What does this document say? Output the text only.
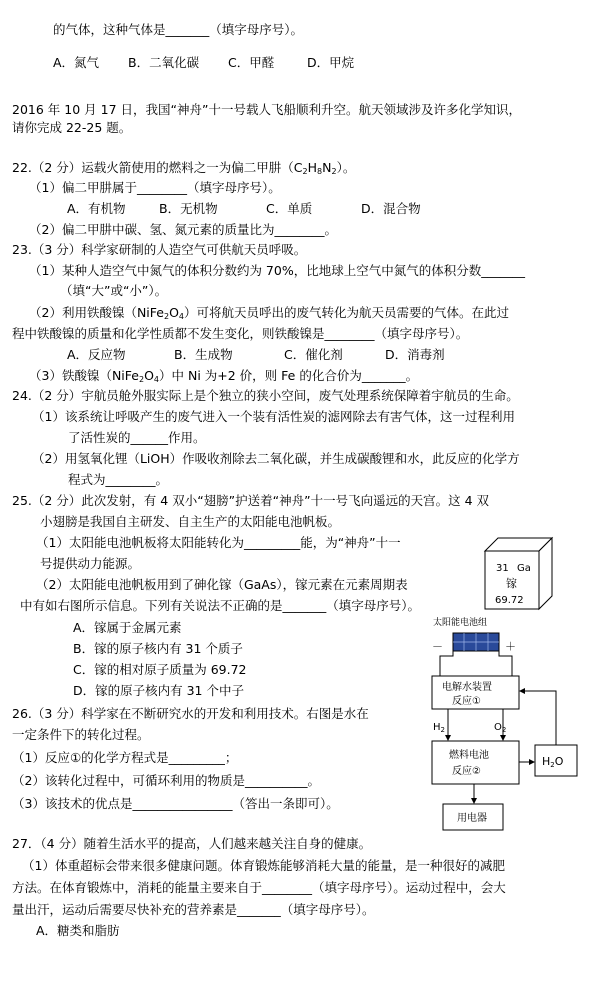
的气体，这种气体是_______（填字母序号）。
A．氮气 B．二氧化碳 C．甲醛	D．甲烷
2016 年 10 月 17 日，我国“神舟”十一号载人飞船顺利升空。航天领域涉及许多化学知识，
请你完成 22-25 题。
22.（2 分）运载火箭使用的燃料之一为偏二甲肼$(C_2H_8N_2)$。
（1）偏二甲肼属于________（填字母序号）。
A．有机物	B．无机物	C．单质	D．混合物
（2）偏二甲肼中碳、氢、氮元素的质量比为________。
23.（3 分）科学家研制的人造空气可供航天员呼吸。
（1）某种人造空气中氮气的体积分数约为 70%，比地球上空气中氮气的体积分数_______
（填“大”或“小”）。
（2）利用铁酸镍$(NiFe_2O_4)$可将航天员呼出的废气转化为航天员需要的气体。在此过
程中铁酸镍的质量和化学性质都不发生变化，则铁酸镍是________（填字母序号）。
A．反应物	B．生成物	C．催化剂	D．消毒剂
（3）铁酸镍$(NiFe_2O_4)$中 Ni 为+2 价，则 Fe 的化合价为_______。
24.（2 分）宇航员舱外服实际上是个独立的狭小空间，废气处理系统保障着宇航员的生命。
（1）该系统让呼吸产生的废气进入一个装有活性炭的滤网除去有害气体，这一过程利用
了活性炭的______作用。
（2）用氢氧化锂（LiOH）作吸收剂除去二氧化碳，并生成碳酸锂和水，此反应的化学方
程式为________。
25.（2 分）此次发射，有 4 双小“翅膀”护送着“神舟”十一号飞向遥远的天宫。这 4 双
小翅膀是我国自主研发、自主生产的太阳能电池帆板。
（1）太阳能电池帆板将太阳能转化为_________能，为“神舟”十一
号提供动力能源。
（2）太阳能电池帆板用到了砷化镓（GaAs），镓元素在元素周期表
中有如右图所示信息。下列有关说法不正确的是_______（填字母序号）。
A．镓属于金属元素
B．镓的原子核内有 31 个质子
C．镓的相对原子质量为 69.72
D．镓的原子核内有 31 个中子
26.（3 分）科学家在不断研究水的开发和利用技术。右图是水在
一定条件下的转化过程。
（1）反应①的化学方程式是_________；
（2）该转化过程中，可循环利用的物质是__________。
（3）该技术的优点是________________（答出一条即可）。
27．（4 分）随着生活水平的提高，人们越来越关注自身的健康。
（1）体重超标会带来很多健康问题。体育锻炼能够消耗大量的能量，是一种很好的减肥
方法。在体育锻炼中，消耗的能量主要来自于________（填字母序号）。运动过程中，会大
量出汗，运动后需要尽快补充的营养素是_______（填字母序号）。
A．糖类和脂肪
31 Ga
镓
69.72
太阳能电池组
－	＋
电解水装置
反应①
$H_2$	$O_2$
燃料电池
反应②
H2O
用电器
